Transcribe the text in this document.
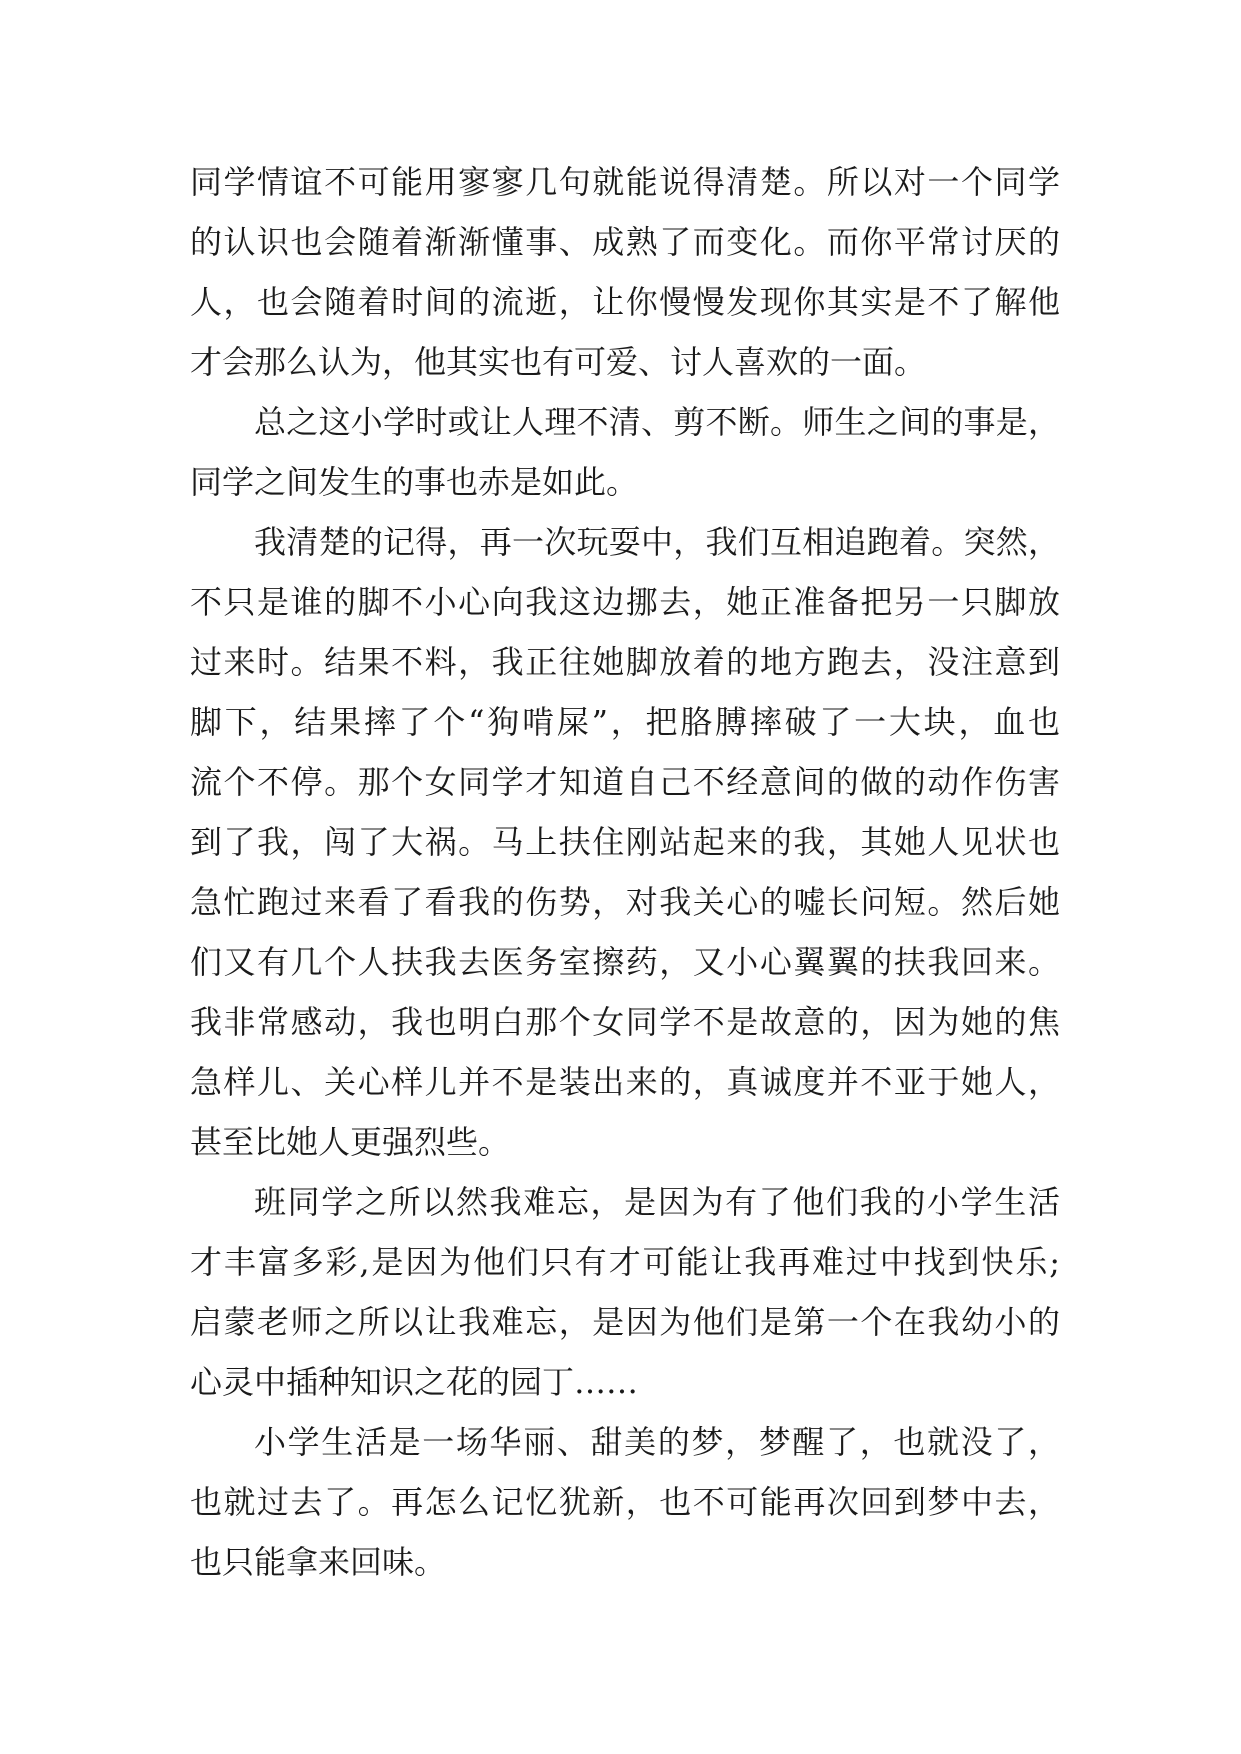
同学情谊不可能用寥寥几句就能说得清楚。所以对一个同学
的认识也会随着渐渐懂事、成熟了而变化。而你平常讨厌的
人，也会随着时间的流逝，让你慢慢发现你其实是不了解他
才会那么认为，他其实也有可爱、讨人喜欢的一面。
总之这小学时或让人理不清、剪不断。师生之间的事是，
同学之间发生的事也赤是如此。
我清楚的记得，再一次玩耍中，我们互相追跑着。突然，
不只是谁的脚不小心向我这边挪去，她正准备把另一只脚放
过来时。结果不料，我正往她脚放着的地方跑去，没注意到
脚下，结果摔了个“狗啃屎”，把胳膊摔破了一大块，血也
流个不停。那个女同学才知道自己不经意间的做的动作伤害
到了我，闯了大祸。马上扶住刚站起来的我，其她人见状也
急忙跑过来看了看我的伤势，对我关心的嘘长问短。然后她
们又有几个人扶我去医务室擦药，又小心翼翼的扶我回来。
我非常感动，我也明白那个女同学不是故意的，因为她的焦
急样儿、关心样儿并不是装出来的，真诚度并不亚于她人，
甚至比她人更强烈些。
班同学之所以然我难忘，是因为有了他们我的小学生活
才丰富多彩,是因为他们只有才可能让我再难过中找到快乐;
启蒙老师之所以让我难忘，是因为他们是第一个在我幼小的
心灵中插种知识之花的园丁……
小学生活是一场华丽、甜美的梦，梦醒了，也就没了，
也就过去了。再怎么记忆犹新，也不可能再次回到梦中去，
也只能拿来回味。
